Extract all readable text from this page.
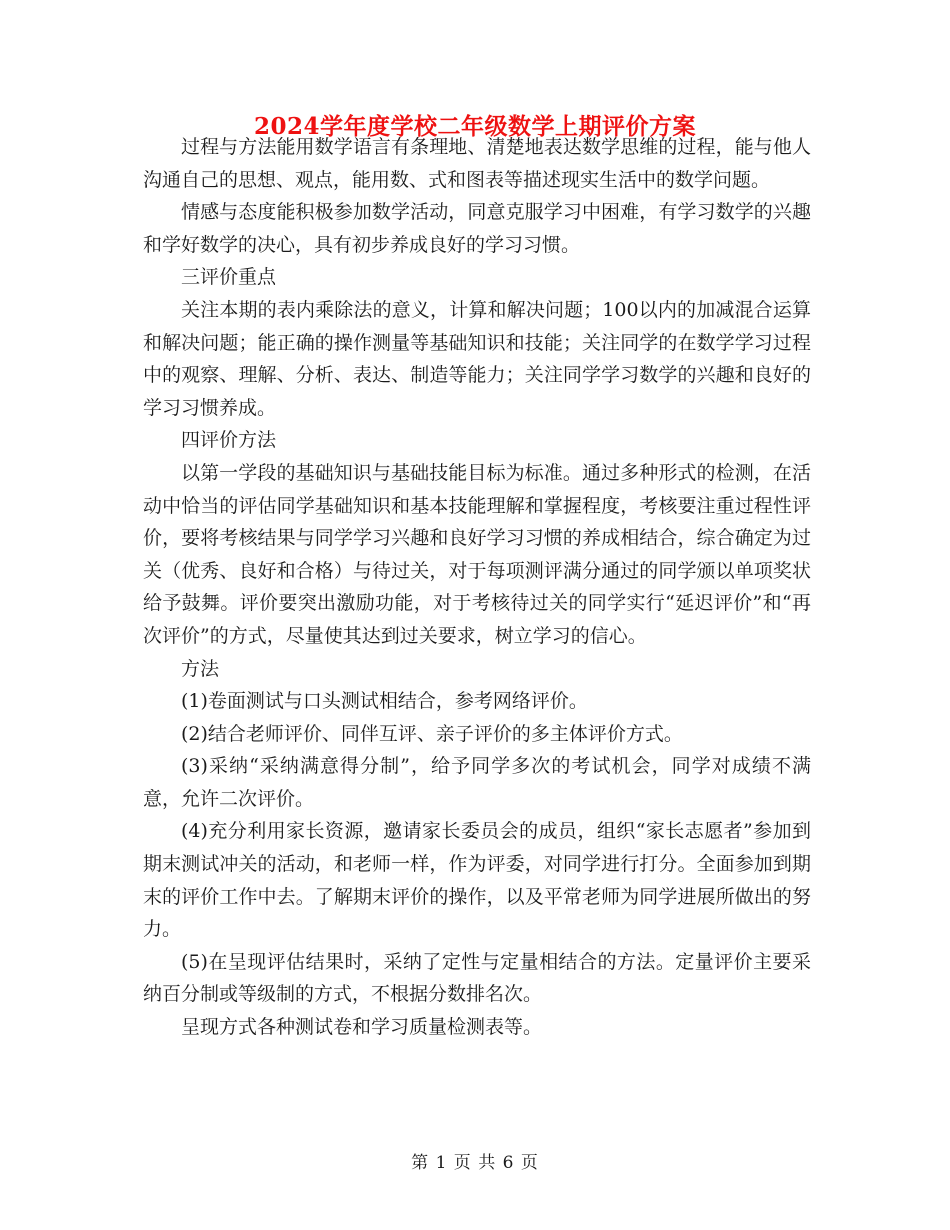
2024学年度学校二年级数学上期评价方案

过程与方法能用数学语言有条理地、清楚地表达数学思维的过程，能与他人沟通自己的思想、观点，能用数、式和图表等描述现实生活中的数学问题。

情感与态度能积极参加数学活动，同意克服学习中困难，有学习数学的兴趣和学好数学的决心，具有初步养成良好的学习习惯。

三评价重点

关注本期的表内乘除法的意义，计算和解决问题；100以内的加减混合运算和解决问题；能正确的操作测量等基础知识和技能；关注同学的在数学学习过程中的观察、理解、分析、表达、制造等能力；关注同学学习数学的兴趣和良好的学习习惯养成。

四评价方法

以第一学段的基础知识与基础技能目标为标准。通过多种形式的检测，在活动中恰当的评估同学基础知识和基本技能理解和掌握程度，考核要注重过程性评价，要将考核结果与同学学习兴趣和良好学习习惯的养成相结合，综合确定为过关（优秀、良好和合格）与待过关，对于每项测评满分通过的同学颁以单项奖状给予鼓舞。评价要突出激励功能，对于考核待过关的同学实行“延迟评价”和“再次评价”的方式，尽量使其达到过关要求，树立学习的信心。

方法

(1)卷面测试与口头测试相结合，参考网络评价。

(2)结合老师评价、同伴互评、亲子评价的多主体评价方式。

(3)采纳“采纳满意得分制”，给予同学多次的考试机会，同学对成绩不满意，允许二次评价。

(4)充分利用家长资源，邀请家长委员会的成员，组织“家长志愿者”参加到期末测试冲关的活动，和老师一样，作为评委，对同学进行打分。全面参加到期末的评价工作中去。了解期末评价的操作，以及平常老师为同学进展所做出的努力。

(5)在呈现评估结果时，采纳了定性与定量相结合的方法。定量评价主要采纳百分制或等级制的方式，不根据分数排名次。

呈现方式各种测试卷和学习质量检测表等。

第 1 页 共 6 页
